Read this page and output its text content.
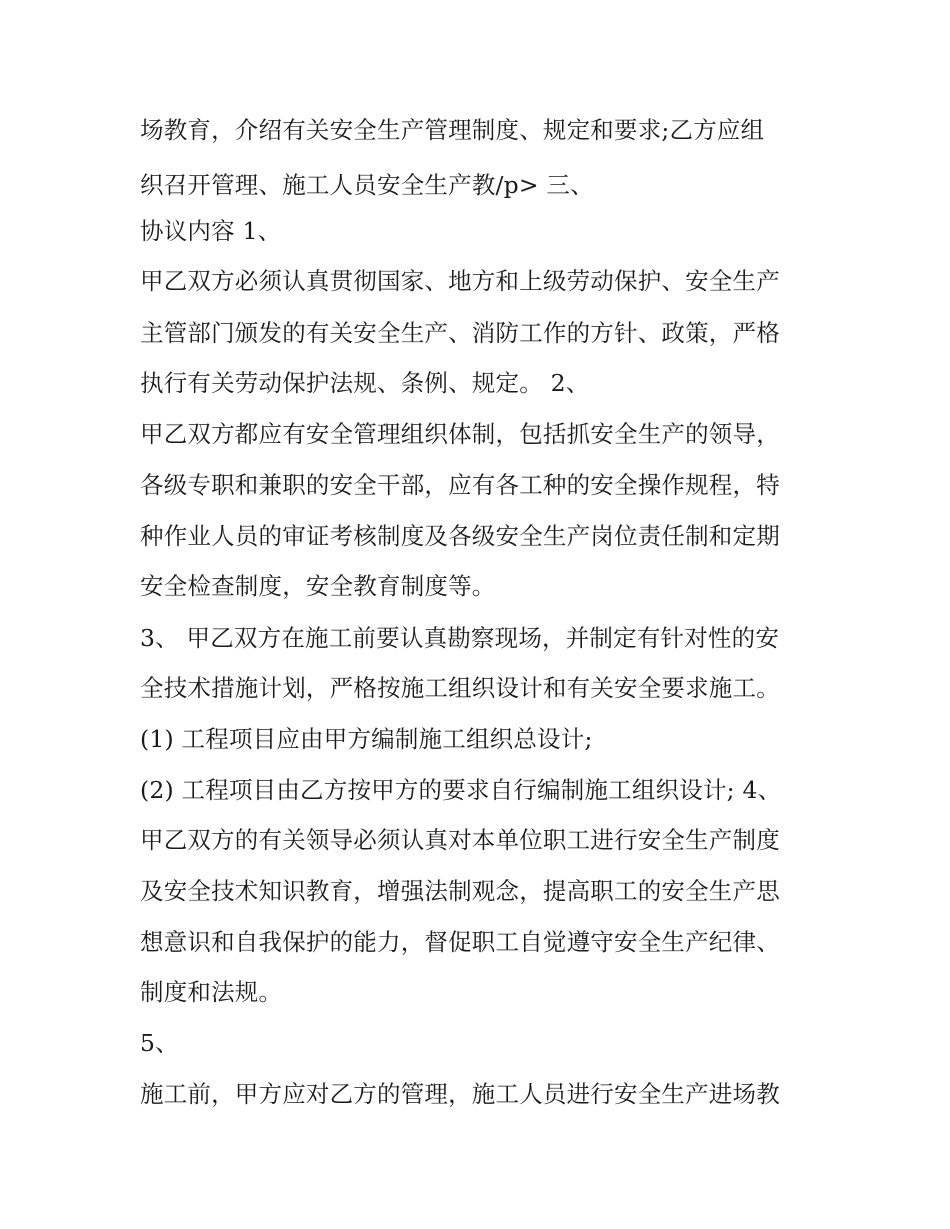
场教育，介绍有关安全生产管理制度、规定和要求;乙方应组

织召开管理、施工人员安全生产教/p> 三、

协议内容 1、

甲乙双方必须认真贯彻国家、地方和上级劳动保护、安全生产

主管部门颁发的有关安全生产、消防工作的方针、政策，严格

执行有关劳动保护法规、条例、规定。 2、

甲乙双方都应有安全管理组织体制，包括抓安全生产的领导，

各级专职和兼职的安全干部，应有各工种的安全操作规程，特

种作业人员的审证考核制度及各级安全生产岗位责任制和定期

安全检查制度，安全教育制度等。

3、 甲乙双方在施工前要认真勘察现场，并制定有针对性的安

全技术措施计划，严格按施工组织设计和有关安全要求施工。

(1) 工程项目应由甲方编制施工组织总设计;

(2) 工程项目由乙方按甲方的要求自行编制施工组织设计; 4、

甲乙双方的有关领导必须认真对本单位职工进行安全生产制度

及安全技术知识教育，增强法制观念，提高职工的安全生产思

想意识和自我保护的能力，督促职工自觉遵守安全生产纪律、

制度和法规。

5、

施工前，甲方应对乙方的管理，施工人员进行安全生产进场教
